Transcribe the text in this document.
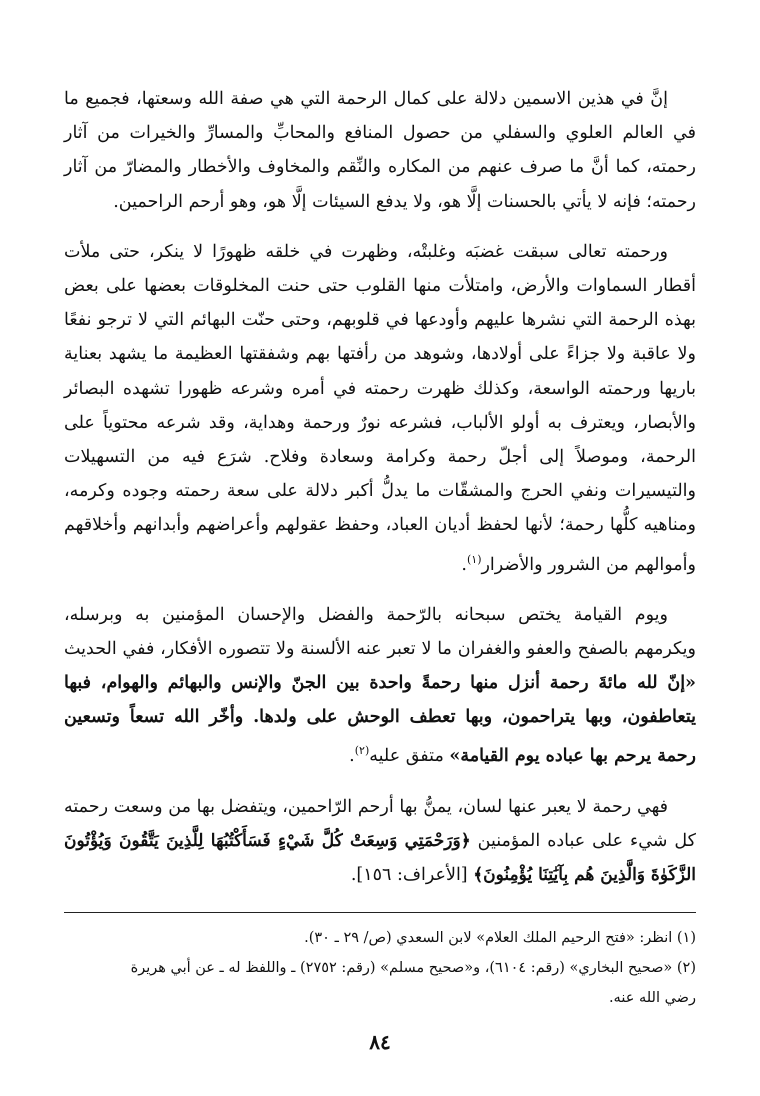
إنَّ في هذين الاسمين دلالة على كمال الرحمة التي هي صفة الله وسعتها، فجميع ما في العالم العلوي والسفلي من حصول المنافع والمحابِّ والمسارِّ والخيرات من آثار رحمته، كما أنَّ ما صرف عنهم من المكاره والنِّقم والمخاوف والأخطار والمضارّ من آثار رحمته؛ فإنه لا يأتي بالحسنات إلَّا هو، ولا يدفع السيئات إلَّا هو، وهو أرحم الراحمين.

ورحمته تعالى سبقت غضبَه وغلبتْه، وظهرت في خلقه ظهورًا لا ينكر، حتى ملأت أقطار السماوات والأرض، وامتلأت منها القلوب حتى حنت المخلوقات بعضها على بعض بهذه الرحمة التي نشرها عليهم وأودعها في قلوبهم، وحتى حنّت البهائم التي لا ترجو نفعًا ولا عاقبة ولا جزاءً على أولادها، وشوهد من رأفتها بهم وشفقتها العظيمة ما يشهد بعناية باريها ورحمته الواسعة، وكذلك ظهرت رحمته في أمره وشرعه ظهورا تشهده البصائر والأبصار، ويعترف به أولو الألباب، فشرعه نورٌ ورحمة وهداية، وقد شرعه محتوياً على الرحمة، وموصلاً إلى أجلّ رحمة وكرامة وسعادة وفلاح. شرَع فيه من التسهيلات والتيسيرات ونفي الحرج والمشقّات ما يدلُّ أكبر دلالة على سعة رحمته وجوده وكرمه، ومناهيه كلُّها رحمة؛ لأنها لحفظ أديان العباد، وحفظ عقولهم وأعراضهم وأبدانهم وأخلاقهم وأموالهم من الشرور والأضرار$^{(١)}$.

ويوم القيامة يختص سبحانه بالرّحمة والفضل والإحسان المؤمنين به وبرسله، ويكرمهم بالصفح والعفو والغفران ما لا تعبر عنه الألسنة ولا تتصوره الأفكار، ففي الحديث «إنّ لله مائةَ رحمة أنزل منها رحمةً واحدة بين الجنّ والإنس والبهائم والهوام، فبها يتعاطفون، وبها يتراحمون، وبها تعطف الوحش على ولدها. وأخّر الله تسعاً وتسعين رحمة يرحم بها عباده يوم القيامة» متفق عليه$^{(٢)}$.

فهي رحمة لا يعبر عنها لسان، يمنُّ بها أرحم الرّاحمين، ويتفضل بها من وسعت رحمته كل شيء على عباده المؤمنين ﴿وَرَحْمَتِي وَسِعَتْ كُلَّ شَيْءٍ فَسَأَكْتُبُهَا لِلَّذِينَ يَتَّقُونَ وَيُؤْتُونَ الزَّكَوٰةَ وَالَّذِينَ هُم بِآيَٰتِنَا يُؤْمِنُونَ﴾ [الأعراف: ١٥٦].

(١) انظر: «فتح الرحيم الملك العلام» لابن السعدي (ص/ ٢٩ ـ ٣٠).

(٢) «صحيح البخاري» (رقم: ٦١٠٤)، و«صحيح مسلم» (رقم: ٢٧٥٢) ـ واللفظ له ـ عن أبي هريرة

رضي الله عنه.

٨٤
